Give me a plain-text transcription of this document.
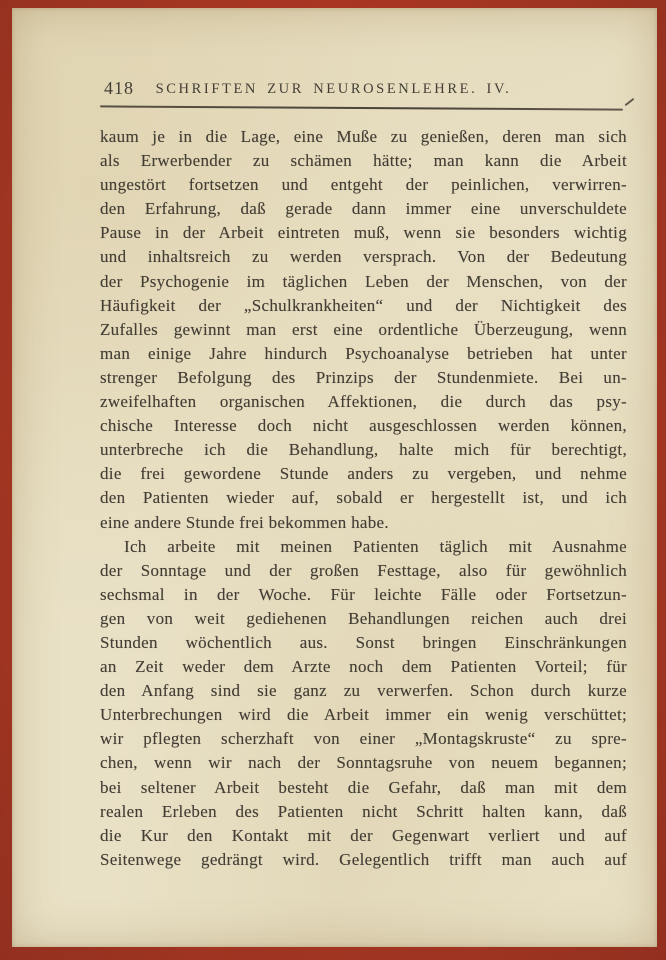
418	SCHRIFTEN ZUR NEUROSENLEHRE. IV.
kaum je in die Lage, eine Muße zu genießen, deren man sich
als Erwerbender zu schämen hätte; man kann die Arbeit
ungestört fortsetzen und entgeht der peinlichen, verwirren-
den Erfahrung, daß gerade dann immer eine unverschuldete
Pause in der Arbeit eintreten muß, wenn sie besonders wichtig
und inhaltsreich zu werden versprach. Von der Bedeutung
der Psychogenie im täglichen Leben der Menschen, von der
Häufigkeit der „Schulkrankheiten“ und der Nichtigkeit des
Zufalles gewinnt man erst eine ordentliche Überzeugung, wenn
man einige Jahre hindurch Psychoanalyse betrieben hat unter
strenger Befolgung des Prinzips der Stundenmiete. Bei un-
zweifelhaften organischen Affektionen, die durch das psy-
chische Interesse doch nicht ausgeschlossen werden können,
unterbreche ich die Behandlung, halte mich für berechtigt,
die frei gewordene Stunde anders zu vergeben, und nehme
den Patienten wieder auf, sobald er hergestellt ist, und ich
eine andere Stunde frei bekommen habe.
Ich arbeite mit meinen Patienten täglich mit Ausnahme
der Sonntage und der großen Festtage, also für gewöhnlich
sechsmal in der Woche. Für leichte Fälle oder Fortsetzun-
gen von weit gediehenen Behandlungen reichen auch drei
Stunden wöchentlich aus. Sonst bringen Einschränkungen
an Zeit weder dem Arzte noch dem Patienten Vorteil; für
den Anfang sind sie ganz zu verwerfen. Schon durch kurze
Unterbrechungen wird die Arbeit immer ein wenig verschüttet;
wir pflegten scherzhaft von einer „Montagskruste“ zu spre-
chen, wenn wir nach der Sonntagsruhe von neuem begannen;
bei seltener Arbeit besteht die Gefahr, daß man mit dem
realen Erleben des Patienten nicht Schritt halten kann, daß
die Kur den Kontakt mit der Gegenwart verliert und auf
Seitenwege gedrängt wird. Gelegentlich trifft man auch auf
